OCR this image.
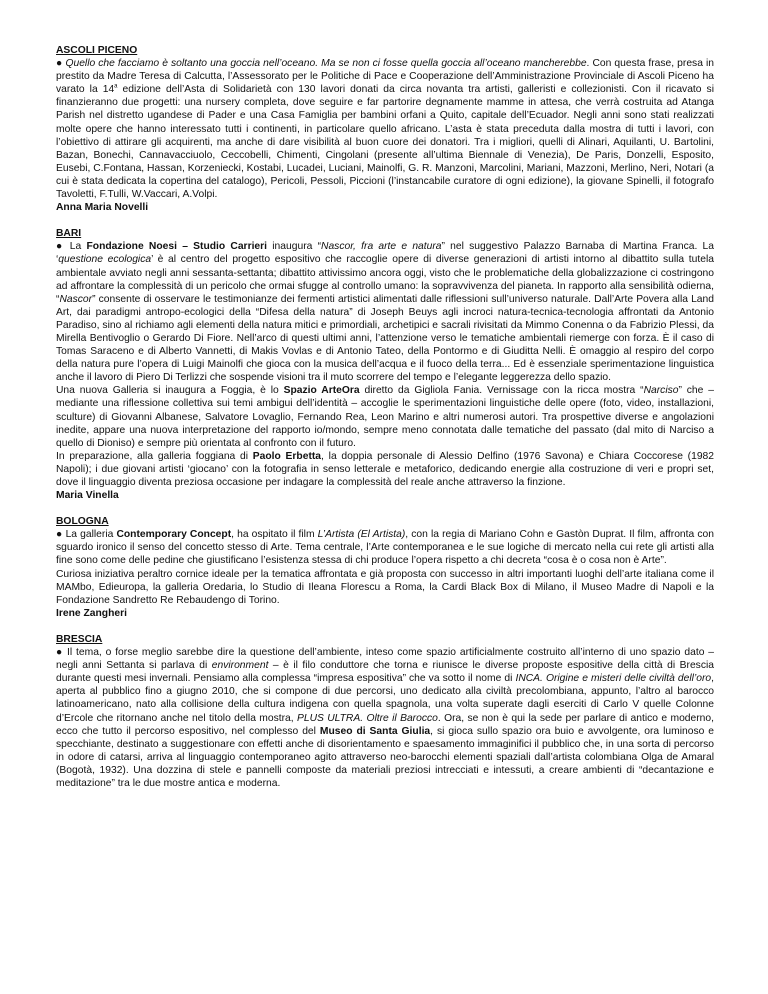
ASCOLI PICENO
● Quello che facciamo è soltanto una goccia nell’oceano. Ma se non ci fosse quella goccia all’oceano mancherebbe. Con questa frase, presa in prestito da Madre Teresa di Calcutta, l’Assessorato per le Politiche di Pace e Cooperazione dell’Amministrazione Provinciale di Ascoli Piceno ha varato la 14$^a$ edizione dell’Asta di Solidarietà con 130 lavori donati da circa novanta tra artisti, galleristi e collezionisti. Con il ricavato si finanzieranno due progetti: una nursery completa, dove seguire e far partorire degnamente mamme in attesa, che verrà costruita ad Atanga Parish nel distretto ugandese di Pader e una Casa Famiglia per bambini orfani a Quito, capitale dell’Ecuador. Negli anni sono stati realizzati molte opere che hanno interessato tutti i continenti, in particolare quello africano. L’asta è stata preceduta dalla mostra di tutti i lavori, con l’obiettivo di attirare gli acquirenti, ma anche di dare visibilità al buon cuore dei donatori. Tra i migliori, quelli di Alinari, Aquilanti, U. Bartolini, Bazan, Bonechi, Cannavacciuolo, Ceccobelli, Chimenti, Cingolani (presente all’ultima Biennale di Venezia), De Paris, Donzelli, Esposito, Eusebi, C.Fontana, Hassan, Korzeniecki, Kostabi, Lucadei, Luciani, Mainolfi, G. R. Manzoni, Marcolini, Mariani, Mazzoni, Merlino, Neri, Notari (a cui è stata dedicata la copertina del catalogo), Pericoli, Pessoli, Piccioni (l’instancabile curatore di ogni edizione), la giovane Spinelli, il fotografo Tavoletti, F.Tulli, W.Vaccari, A.Volpi.
Anna Maria Novelli
BARI
● La Fondazione Noesi – Studio Carrieri inaugura “Nascor, fra arte e natura” nel suggestivo Palazzo Barnaba di Martina Franca. La ‘questione ecologica’ è al centro del progetto espositivo che raccoglie opere di diverse generazioni di artisti intorno al dibattito sulla tutela ambientale avviato negli anni sessanta-settanta; dibattito attivissimo ancora oggi, visto che le problematiche della globalizzazione ci costringono ad affrontare la complessità di un pericolo che ormai sfugge al controllo umano: la sopravvivenza del pianeta. In rapporto alla sensibilità odierna, “Nascor” consente di osservare le testimonianze dei fermenti artistici alimentati dalle riflessioni sull’universo naturale. Dall’Arte Povera alla Land Art, dai paradigmi antropo-ecologici della “Difesa della natura” di Joseph Beuys agli incroci natura-tecnica-tecnologia affrontati da Antonio Paradiso, sino al richiamo agli elementi della natura mitici e primordiali, archetipici e sacrali rivisitati da Mimmo Conenna o da Fabrizio Plessi, da Mirella Bentivoglio o Gerardo Di Fiore. Nell’arco di questi ultimi anni, l’attenzione verso le tematiche ambientali riemerge con forza. È il caso di Tomas Saraceno e di Alberto Vannetti, di Makis Vovlas e di Antonio Tateo, della Pontormo e di Giuditta Nelli. È omaggio al respiro del corpo della natura pure l’opera di Luigi Mainolfi che gioca con la musica dell’acqua e il fuoco della terra... Ed è essenziale sperimentazione linguistica anche il lavoro di Piero Di Terlizzi che sospende visioni tra il muto scorrere del tempo e l’elegante leggerezza dello spazio.
Una nuova Galleria si inaugura a Foggia, è lo Spazio ArteOra diretto da Gigliola Fania. Vernissage con la ricca mostra “Narciso” che – mediante una riflessione collettiva sui temi ambigui dell’identità – accoglie le sperimentazioni linguistiche delle opere (foto, video, installazioni, sculture) di Giovanni Albanese, Salvatore Lovaglio, Fernando Rea, Leon Marino e altri numerosi autori. Tra prospettive diverse e angolazioni inedite, appare una nuova interpretazione del rapporto io/mondo, sempre meno connotata dalle tematiche del passato (dal mito di Narciso a quello di Dioniso) e sempre più orientata al confronto con il futuro.
In preparazione, alla galleria foggiana di Paolo Erbetta, la doppia personale di Alessio Delfino (1976 Savona) e Chiara Coccorese (1982 Napoli); i due giovani artisti ‘giocano’ con la fotografia in senso letterale e metaforico, dedicando energie alla costruzione di veri e propri set, dove il linguaggio diventa preziosa occasione per indagare la complessità del reale anche attraverso la finzione.
Maria Vinella
BOLOGNA
● La galleria Contemporary Concept, ha ospitato il film L’Artista (El Artista), con la regia di Mariano Cohn e Gastòn Duprat. Il film, affronta con sguardo ironico il senso del concetto stesso di Arte. Tema centrale, l’Arte contemporanea e le sue logiche di mercato nella cui rete gli artisti alla fine sono come delle pedine che giustificano l’esistenza stessa di chi produce l’opera rispetto a chi decreta “cosa è o cosa non è Arte”.
Curiosa iniziativa peraltro cornice ideale per la tematica affrontata e già proposta con successo in altri importanti luoghi dell’arte italiana come il MAMbo, Edieuropa, la galleria Oredaria, lo Studio di Ileana Florescu a Roma, la Cardi Black Box di Milano, il Museo Madre di Napoli e la Fondazione Sandretto Re Rebaudengo di Torino.
Irene Zangheri
BRESCIA
● Il tema, o forse meglio sarebbe dire la questione dell’ambiente, inteso come spazio artificialmente costruito all’interno di uno spazio dato – negli anni Settanta si parlava di environment – è il filo conduttore che torna e riunisce le diverse proposte espositive della città di Brescia durante questi mesi invernali. Pensiamo alla complessa “impresa espositiva” che va sotto il nome di INCA. Origine e misteri delle civiltà dell’oro, aperta al pubblico fino a giugno 2010, che si compone di due percorsi, uno dedicato alla civiltà precolombiana, appunto, l’altro al barocco latinoamericano, nato alla collisione della cultura indigena con quella spagnola, una volta superate dagli eserciti di Carlo V quelle Colonne d’Ercole che ritornano anche nel titolo della mostra, PLUS ULTRA. Oltre il Barocco. Ora, se non è qui la sede per parlare di antico e moderno, ecco che tutto il percorso espositivo, nel complesso del Museo di Santa Giulia, si gioca sullo spazio ora buio e avvolgente, ora luminoso e specchiante, destinato a suggestionare con effetti anche di disorientamento e spaesamento immaginifici il pubblico che, in una sorta di percorso in odore di catarsi, arriva al linguaggio contemporaneo agito attraverso neo-barocchi elementi spaziali dall’artista colombiana Olga de Amaral (Bogotà, 1932). Una dozzina di stele e pannelli composte da materiali preziosi intrecciati e intessuti, a creare ambienti di “decantazione e meditazione” tra le due mostre antica e moderna.
